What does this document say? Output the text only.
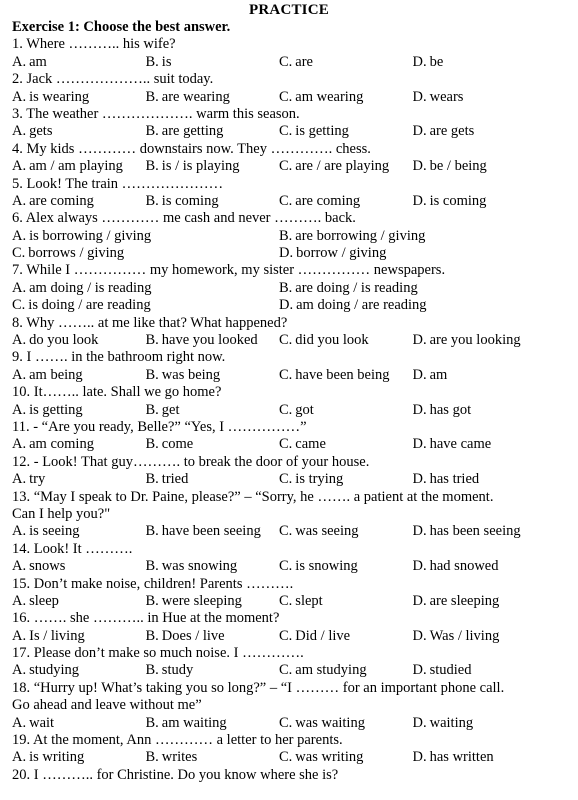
PRACTICE
Exercise 1: Choose the best answer.
1. Where ……….. his wife?
A. am	B. is	C. are	D. be
2. Jack ……………….. suit today.
A. is wearing	B. are wearing	C. am wearing	D. wears
3. The weather ………………. warm this season.
A. gets	B. are getting	C. is getting	D. are gets
4. My kids ………… downstairs now. They …………. chess.
A. am / am playing	B. is / is playing	C. are / are playing	D. be / being
5. Look! The train …………………
A. are coming	B. is coming	C. are coming	D. is coming
6. Alex always ………… me cash and never ………. back.
A. is borrowing / giving	B. are borrowing / giving
C. borrows / giving	D. borrow / giving
7. While I …………… my homework, my sister …………… newspapers.
A. am doing / is reading	B. are doing / is reading
C. is doing / are reading	D. am doing / are reading
8. Why …….. at me like that? What happened?
A. do you look	B. have you looked	C. did you look	D. are you looking
9. I ……. in the bathroom right now.
A. am being	B. was being	C. have been being	D. am
10. It…….. late. Shall we go home?
A. is getting	B. get	C. got	D. has got
11. - “Are you ready, Belle?” “Yes, I ……………”
A. am coming	B. come	C. came	D. have came
12. - Look! That guy………. to break the door of your house.
A. try	B. tried	C. is trying	D. has tried
13. “May I speak to Dr. Paine, please?” – “Sorry, he ……. a patient at the moment.
Can I help you?"
A. is seeing	B. have been seeing	C. was seeing	D. has been seeing
14. Look! It ……….
A. snows	B. was snowing	C. is snowing	D. had snowed
15. Don’t make noise, children! Parents ……….
A. sleep	B. were sleeping	C. slept	D. are sleeping
16. ……. she ……….. in Hue at the moment?
A. Is / living	B. Does / live	C. Did / live	D. Was / living
17. Please don’t make so much noise. I ………….
A. studying	B. study	C. am studying	D. studied
18. “Hurry up! What’s taking you so long?” – “I ……… for an important phone call.
Go ahead and leave without me”
A. wait	B. am waiting	C. was waiting	D. waiting
19. At the moment, Ann ………… a letter to her parents.
A. is writing	B. writes	C. was writing	D. has written
20. I ……….. for Christine. Do you know where she is?
